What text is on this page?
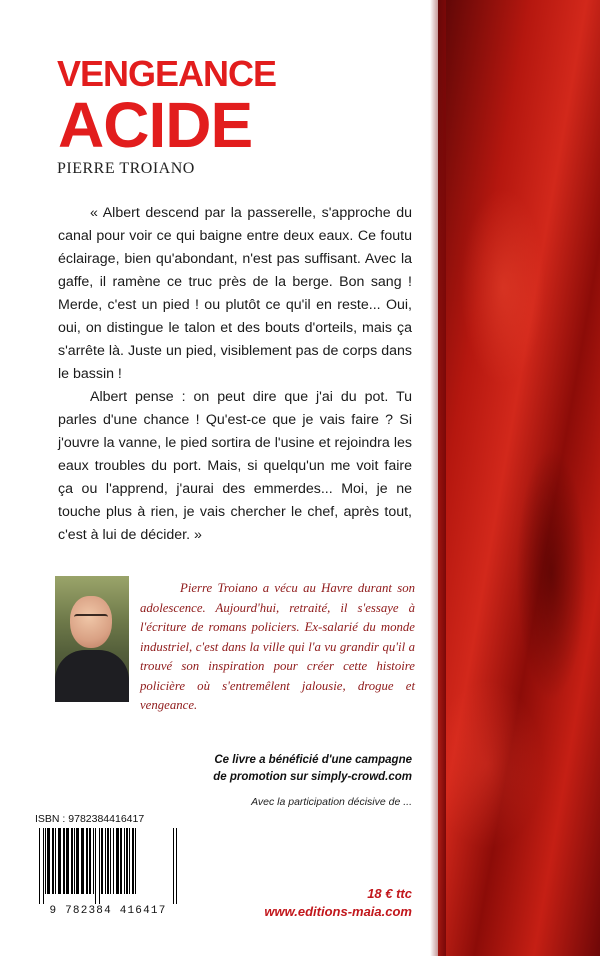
VENGEANCE
ACIDE
PIERRE TROIANO

« Albert descend par la passerelle, s'approche du canal pour voir ce qui baigne entre deux eaux. Ce foutu éclairage, bien qu'abondant, n'est pas suffisant. Avec la gaffe, il ramène ce truc près de la berge. Bon sang ! Merde, c'est un pied ! ou plutôt ce qu'il en reste... Oui, oui, on distingue le talon et des bouts d'orteils, mais ça s'arrête là. Juste un pied, visiblement pas de corps dans le bassin !

Albert pense : on peut dire que j'ai du pot. Tu parles d'une chance ! Qu'est-ce que je vais faire ? Si j'ouvre la vanne, le pied sortira de l'usine et rejoindra les eaux troubles du port. Mais, si quelqu'un me voit faire ça ou l'apprend, j'aurai des emmerdes... Moi, je ne touche plus à rien, je vais chercher le chef, après tout, c'est à lui de décider. »

Pierre Troiano a vécu au Havre durant son adolescence. Aujourd'hui, retraité, il s'essaye à l'écriture de romans policiers. Ex-salarié du monde industriel, c'est dans la ville qui l'a vu grandir qu'il a trouvé son inspiration pour créer cette histoire policière où s'entremêlent jalousie, drogue et vengeance.
Ce livre a bénéficié d'une campagne
de promotion sur simply-crowd.com
Avec la participation décisive de ...
ISBN : 9782384416417
9 782384 416417
18 € ttc
www.editions-maia.com
